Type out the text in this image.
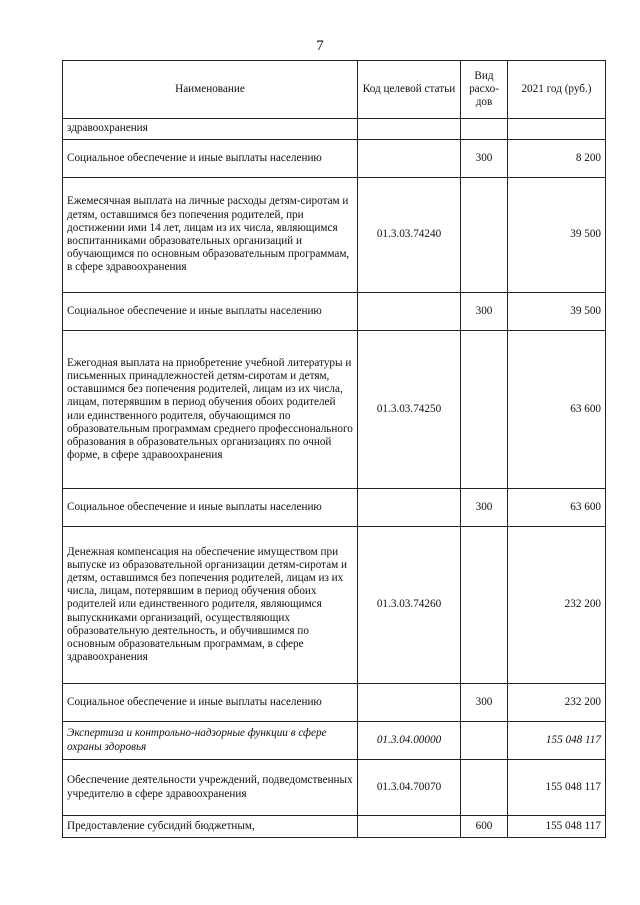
7
Наименование	Код целевой статьи	Вид расхо- дов	2021 год (руб.)
здравоохранения			
Социальное обеспечение и иные выплаты населению		300	8 200
Ежемесячная выплата на личные расходы детям-сиротам и детям, оставшимся без попечения родителей, при достижении ими 14 лет, лицам из их числа, являющимся воспитанниками образовательных организаций и обучающимся по основным образовательным программам, в сфере здравоохранения	01.3.03.74240		39 500
Социальное обеспечение и иные выплаты населению		300	39 500
Ежегодная выплата на приобретение учебной литературы и письменных принадлежностей детям-сиротам и детям, оставшимся без попечения родителей, лицам из их числа, лицам, потерявшим в период обучения обоих родителей или единственного родителя, обучающимся по образовательным программам среднего профессионального образования в образовательных организациях по очной форме, в сфере здравоохранения	01.3.03.74250		63 600
Социальное обеспечение и иные выплаты населению		300	63 600
Денежная компенсация на обеспечение имуществом при выпуске из образовательной организации детям-сиротам и детям, оставшимся без попечения родителей, лицам из их числа, лицам, потерявшим в период обучения обоих родителей или единственного родителя, являющимся выпускниками организаций, осуществляющих образовательную деятельность, и обучившимся по основным образовательным программам, в сфере здравоохранения	01.3.03.74260		232 200
Социальное обеспечение и иные выплаты населению		300	232 200
Экспертиза и контрольно-надзорные функции в сфере охраны здоровья	01.3.04.00000		155 048 117
Обеспечение деятельности учреждений, подведомственных учредителю в сфере здравоохранения	01.3.04.70070		155 048 117
Предоставление субсидий бюджетным,		600	155 048 117
